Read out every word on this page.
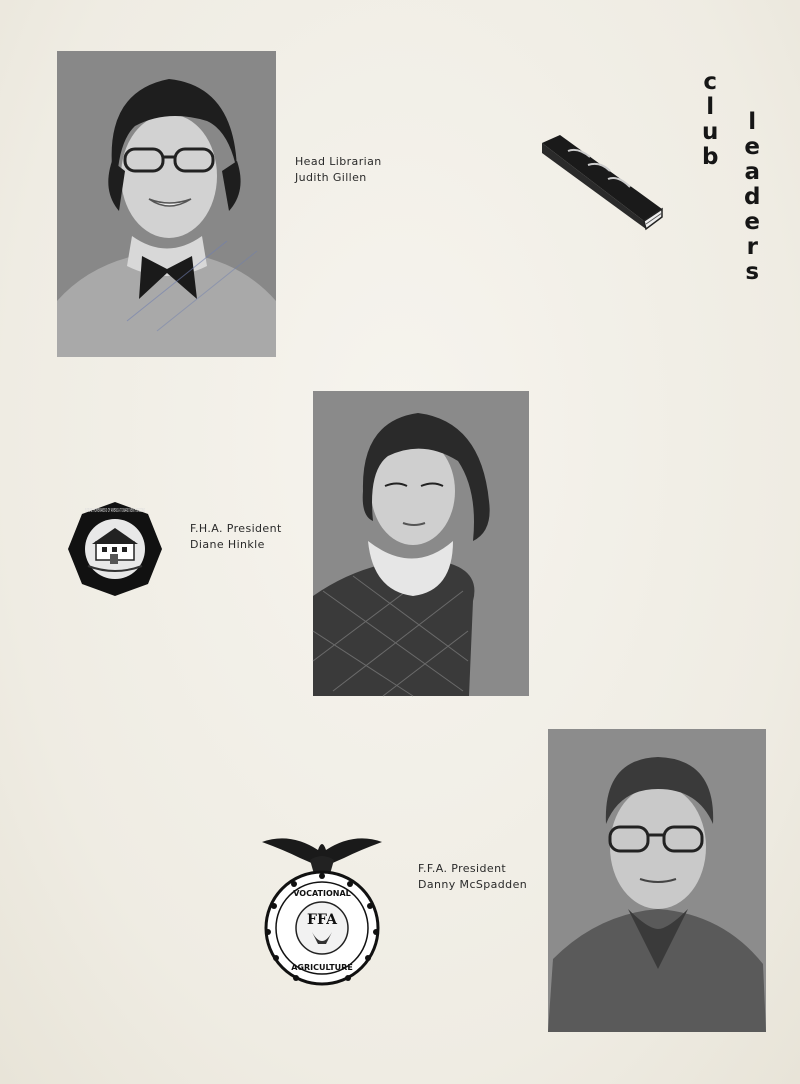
Head Librarian
Judith Gillen
c
l
u
b
l
e
a
d
e
r
s
FUTURE HOMEMAKERS OF AMERICA TOWARD NEW HORIZONS
F.H.A. President
Diane Hinkle
F.F.A. President
Danny McSpadden
FFA
VOCATIONAL
AGRICULTURE
